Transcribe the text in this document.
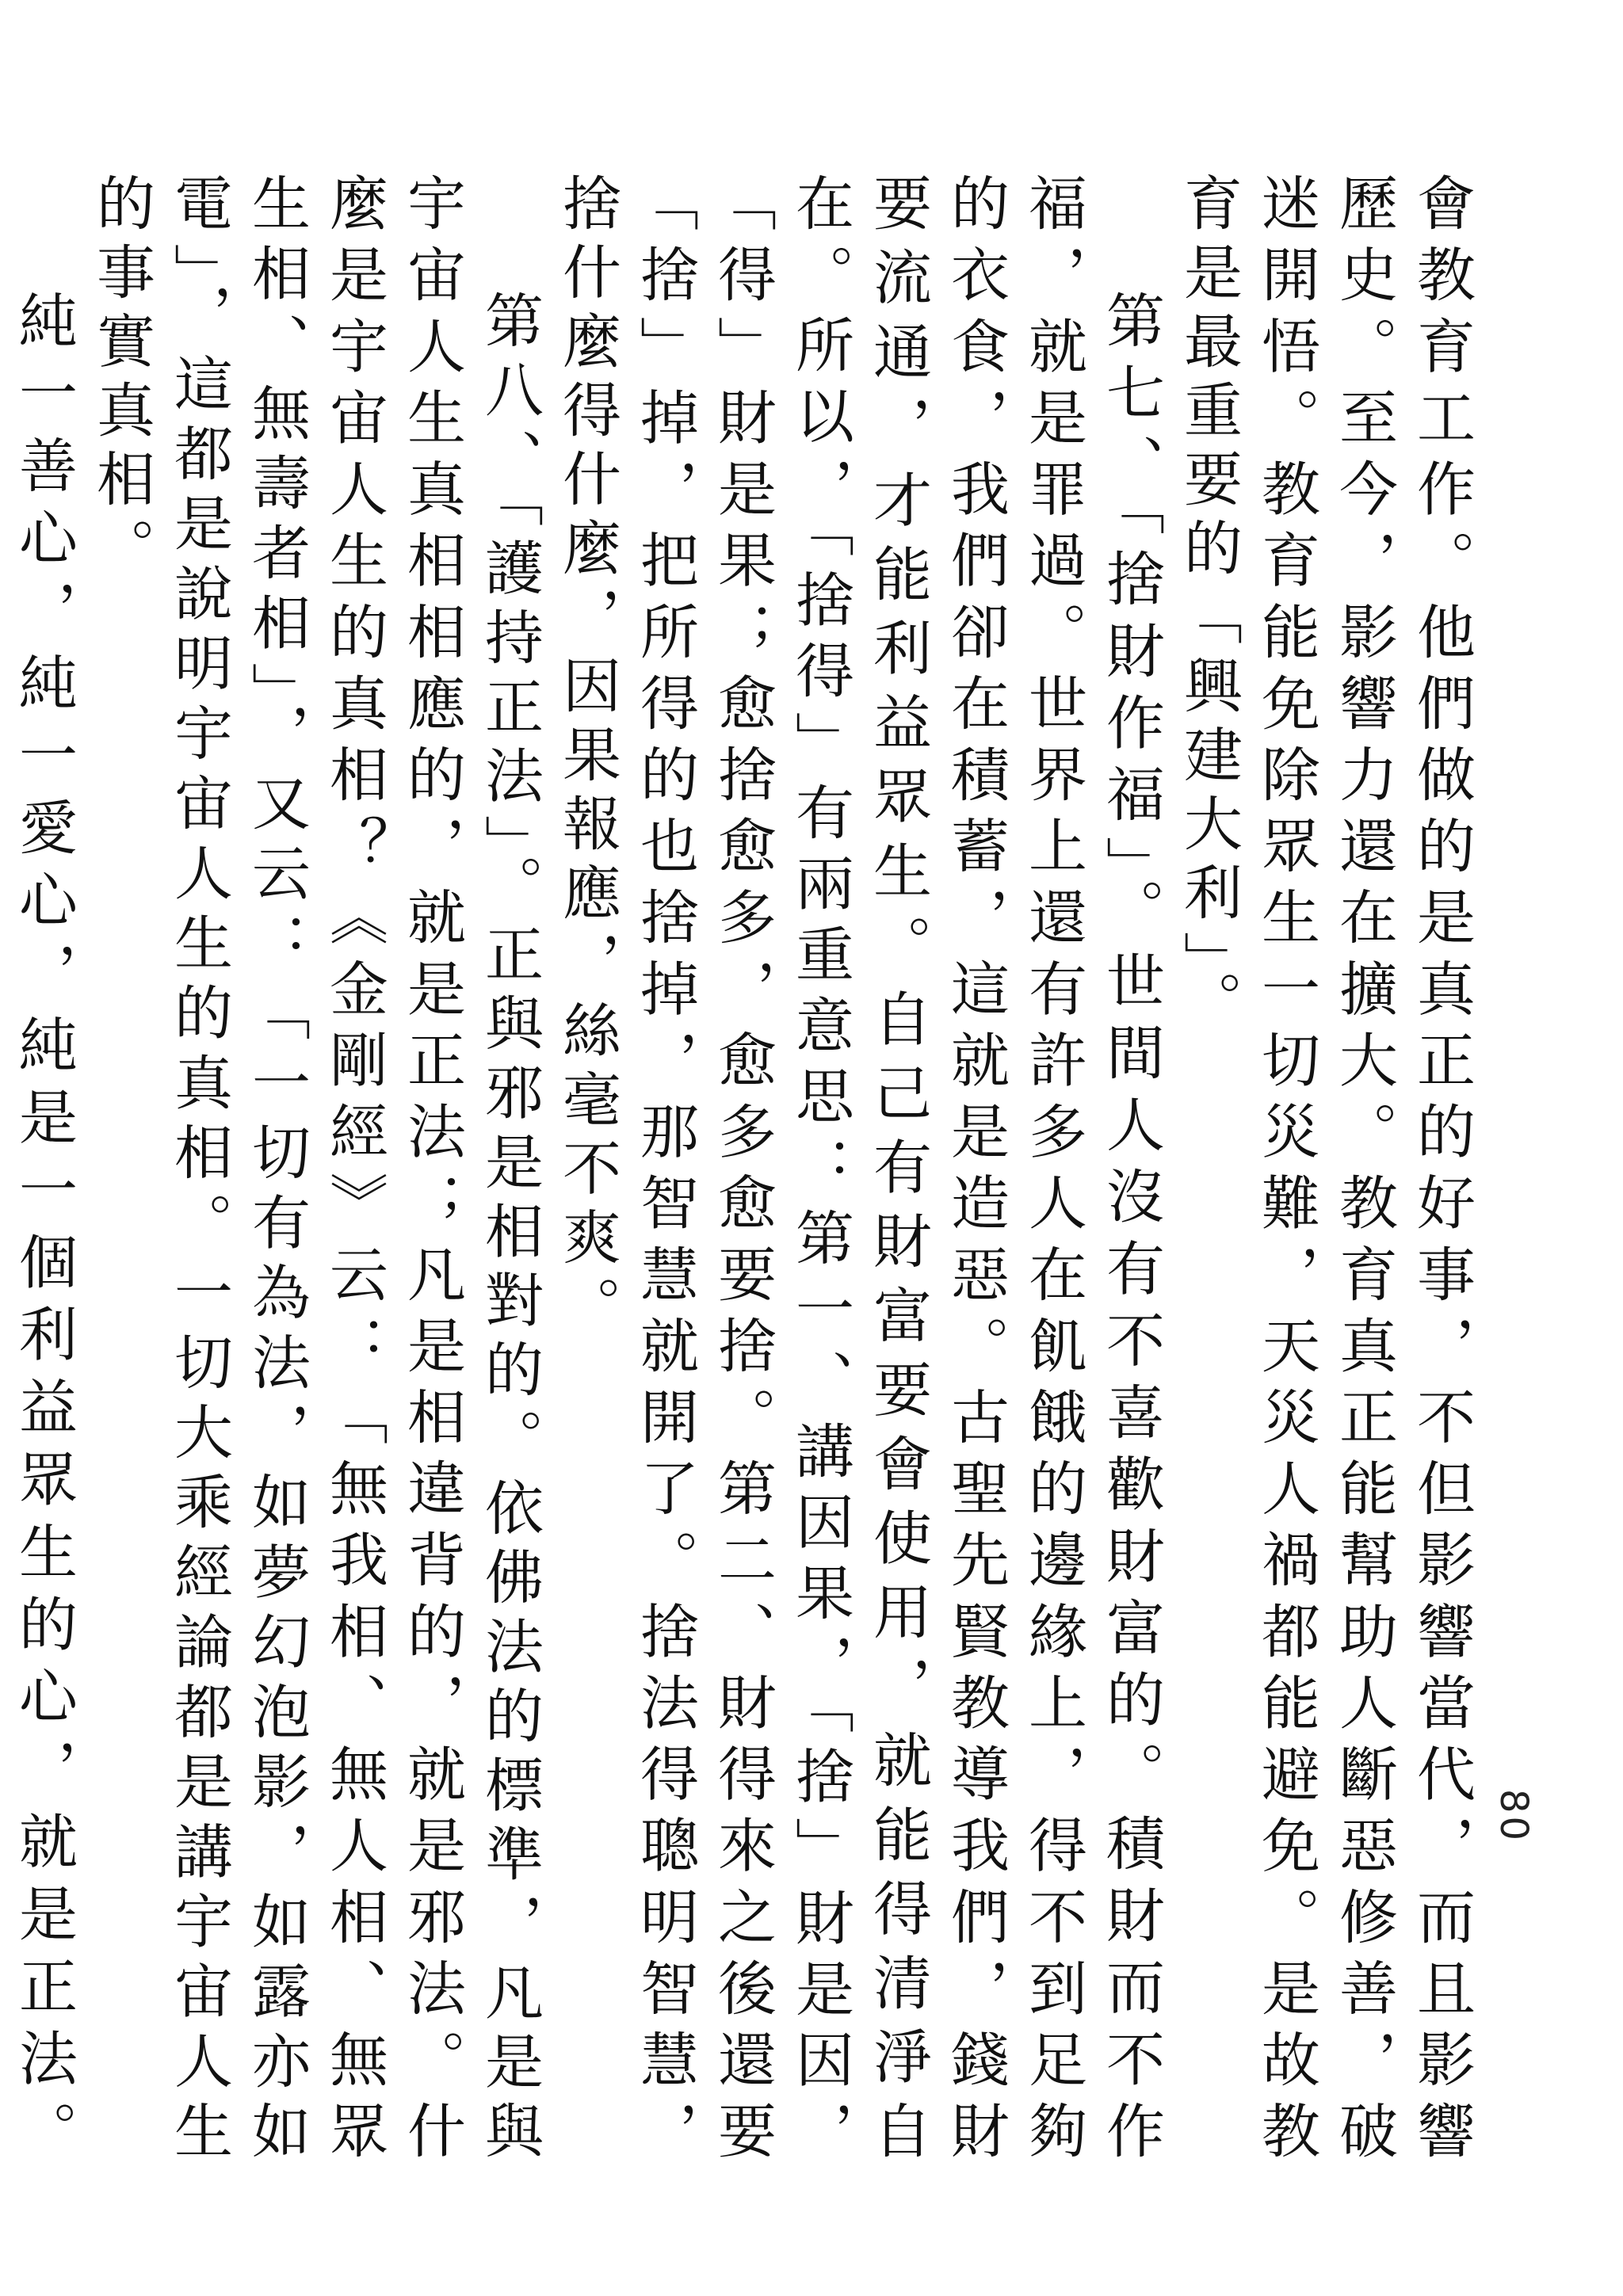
80

會教育工作。他們做的是真正的好事，不但影響當代，而且影響歷史。至今，影響力還在擴大。教育真正能幫助人斷惡修善，破迷開悟。教育能免除眾生一切災難，天災人禍都能避免。是故教育是最重要的「興建大利」。

第七、「捨財作福」。世間人沒有不喜歡財富的。積財而不作福，就是罪過。世界上還有許多人在飢餓的邊緣上，得不到足夠的衣食，我們卻在積蓄，這就是造惡。古聖先賢教導我們，錢財要流通，才能利益眾生。自己有財富要會使用，就能得清淨自在。所以，「捨得」有兩重意思：第一、講因果，「捨」財是因，「得」財是果；愈捨愈多，愈多愈要捨。第二、財得來之後還要「捨」掉，把所得的也捨掉，那智慧就開了。捨法得聰明智慧，捨什麼得什麼，因果報應，絲毫不爽。

第八、「護持正法」。正與邪是相對的。依佛法的標準，凡是與宇宙人生真相相應的，就是正法；凡是相違背的，就是邪法。什麼是宇宙人生的真相？《金剛經》云：「無我相、無人相、無眾生相、無壽者相」，又云：「一切有為法，如夢幻泡影，如露亦如電」，這都是說明宇宙人生的真相。一切大乘經論都是講宇宙人生的事實真相。

純一善心，純一愛心，純是一個利益眾生的心，就是正法。
